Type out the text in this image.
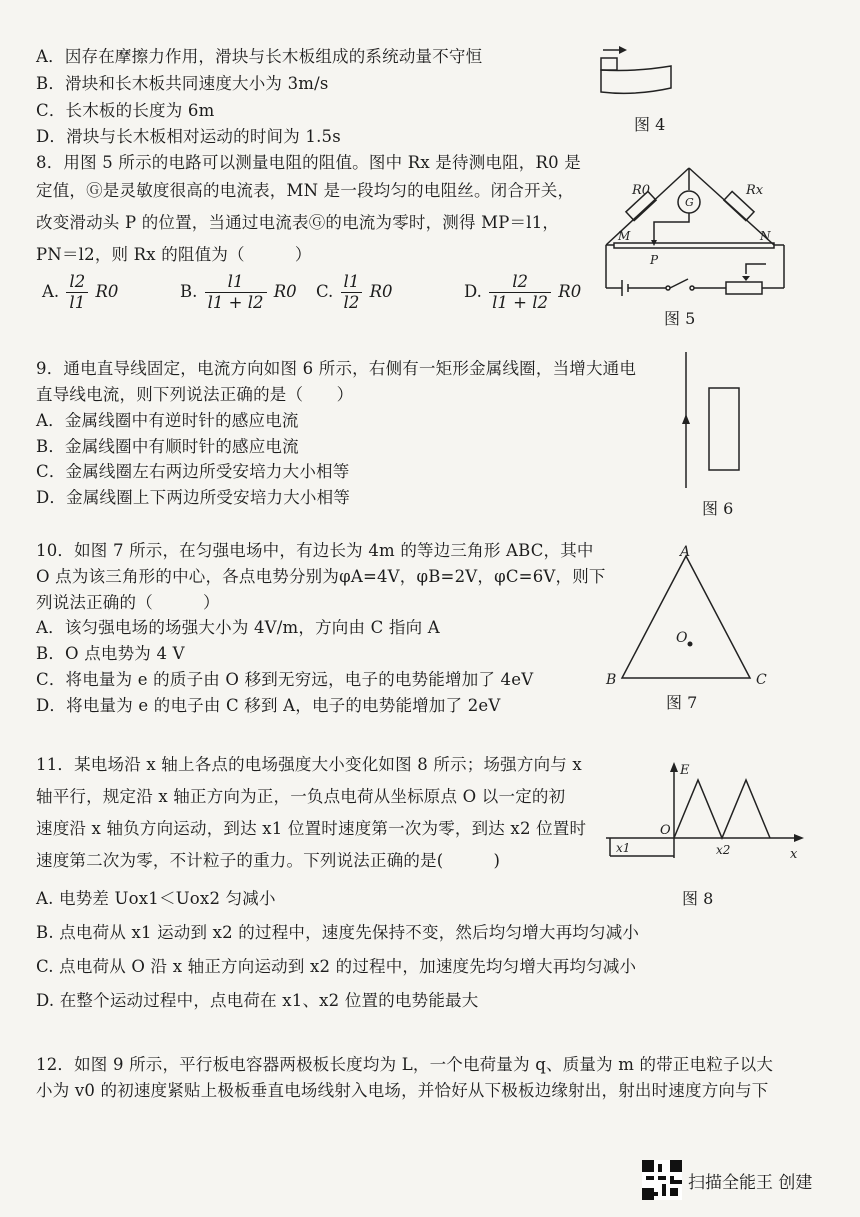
A．因存在摩擦力作用，滑块与长木板组成的系统动量不守恒
B．滑块和长木板共同速度大小为 3m/s
C．长木板的长度为 6m
D．滑块与长木板相对运动的时间为 1.5s
图 4
8．用图 5 所示的电路可以测量电阻的阻值。图中 Rx 是待测电阻，R0 是
定值，Ⓖ是灵敏度很高的电流表，MN 是一段均匀的电阻丝。闭合开关，
改变滑动头 P 的位置，当通过电流表Ⓖ的电流为零时，测得 MP＝l1，
PN＝l2，则 Rx 的阻值为（　　　）
A. $\frac{l2}{l1} R0$	B. $\frac{l1}{l1 + l2} R0$ C. $\frac{l1}{l2} R0$	D. $\frac{l2}{l1 + l2} R0$
R0	Rx
G
M	N
P
图 5
9．通电直导线固定，电流方向如图 6 所示，右侧有一矩形金属线圈，当增大通电
直导线电流，则下列说法正确的是（　　）
A．金属线圈中有逆时针的感应电流
B．金属线圈中有顺时针的感应电流
C．金属线圈左右两边所受安培力大小相等
D．金属线圈上下两边所受安培力大小相等
图 6
10．如图 7 所示，在匀强电场中，有边长为 4m 的等边三角形 ABC，其中
O 点为该三角形的中心，各点电势分别为φA=4V，φB=2V，φC=6V，则下
列说法正确的（　　　）
A．该匀强电场的场强大小为 4V/m，方向由 C 指向 A
B．O 点电势为 4 V
C．将电量为 e 的质子由 O 移到无穷远，电子的电势能增加了 4eV
D．将电量为 e 的电子由 C 移到 A，电子的电势能增加了 2eV
A
B	C
O
图 7
11．某电场沿 x 轴上各点的电场强度大小变化如图 8 所示；场强方向与 x
轴平行，规定沿 x 轴正方向为正，一负点电荷从坐标原点 O 以一定的初
速度沿 x 轴负方向运动，到达 x1 位置时速度第一次为零，到达 x2 位置时
速度第二次为零，不计粒子的重力。下列说法正确的是(　　　)
A. 电势差 Uox1＜Uox2 匀减小
B. 点电荷从 x1 运动到 x2 的过程中，速度先保持不变，然后均匀增大再均匀减小
C. 点电荷从 O 沿 x 轴正方向运动到 x2 的过程中，加速度先均匀增大再均匀减小
D. 在整个运动过程中，点电荷在 x1、x2 位置的电势能最大
E
O
x1	x2	x
图 8
12．如图 9 所示，平行板电容器两极板长度均为 L，一个电荷量为 q、质量为 m 的带正电粒子以大
小为 v0 的初速度紧贴上极板垂直电场线射入电场，并恰好从下极板边缘射出，射出时速度方向与下
扫描全能王 创建
